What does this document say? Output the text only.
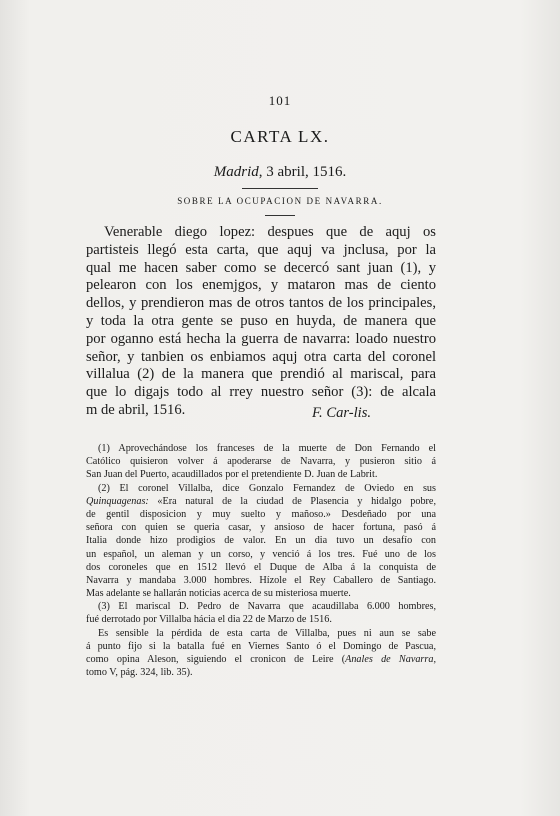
101
CARTA LX.
Madrid, 3 abril, 1516.
SOBRE LA OCUPACION DE NAVARRA.
Venerable diego lopez: despues que de aquj os
partisteis llegó esta carta, que aquj va jnclusa, por la
qual me hacen saber como se decercó sant juan (1), y
pelearon con los enemjgos, y mataron mas de ciento
dellos, y prendieron mas de otros tantos de los principales,
y toda la otra gente se puso en huyda, de manera que
por oganno está hecha la guerra de navarra: loado nuestro
señor, y tanbien os enbiamos aquj otra carta del coronel
villalua (2) de la manera que prendió al mariscal, para
que lo digajs todo al rrey nuestro señor (3): de alcala
m de abril, 1516.	F. Car-lis.
(1) Aprovechándose los franceses de la muerte de Don Fernando el
Católico quisieron volver á apoderarse de Navarra, y pusieron sitio á
San Juan del Puerto, acaudillados por el pretendiente D. Juan de Labrit.
(2) El coronel Villalba, dice Gonzalo Fernandez de Oviedo en sus
Quinquagenas: «Era natural de la ciudad de Plasencia y hidalgo pobre,
de gentil disposicion y muy suelto y mañoso.» Desdeñado por una
señora con quien se queria casar, y ansioso de hacer fortuna, pasó á
Italia donde hizo prodigios de valor. En un dia tuvo un desafío con
un español, un aleman y un corso, y venció á los tres. Fué uno de los
dos coroneles que en 1512 llevó el Duque de Alba á la conquista de
Navarra y mandaba 3.000 hombres. Hízole el Rey Caballero de Santiago.
Mas adelante se hallarán noticias acerca de su misteriosa muerte.
(3) El mariscal D. Pedro de Navarra que acaudillaba 6.000 hombres,
fué derrotado por Villalba hácia el dia 22 de Marzo de 1516.
Es sensible la pérdida de esta carta de Villalba, pues ni aun se sabe
á punto fijo si la batalla fué en Viernes Santo ó el Domingo de Pascua,
como opina Aleson, siguiendo el cronicon de Leire (Anales de Navarra,
tomo V, pág. 324, lib. 35).
